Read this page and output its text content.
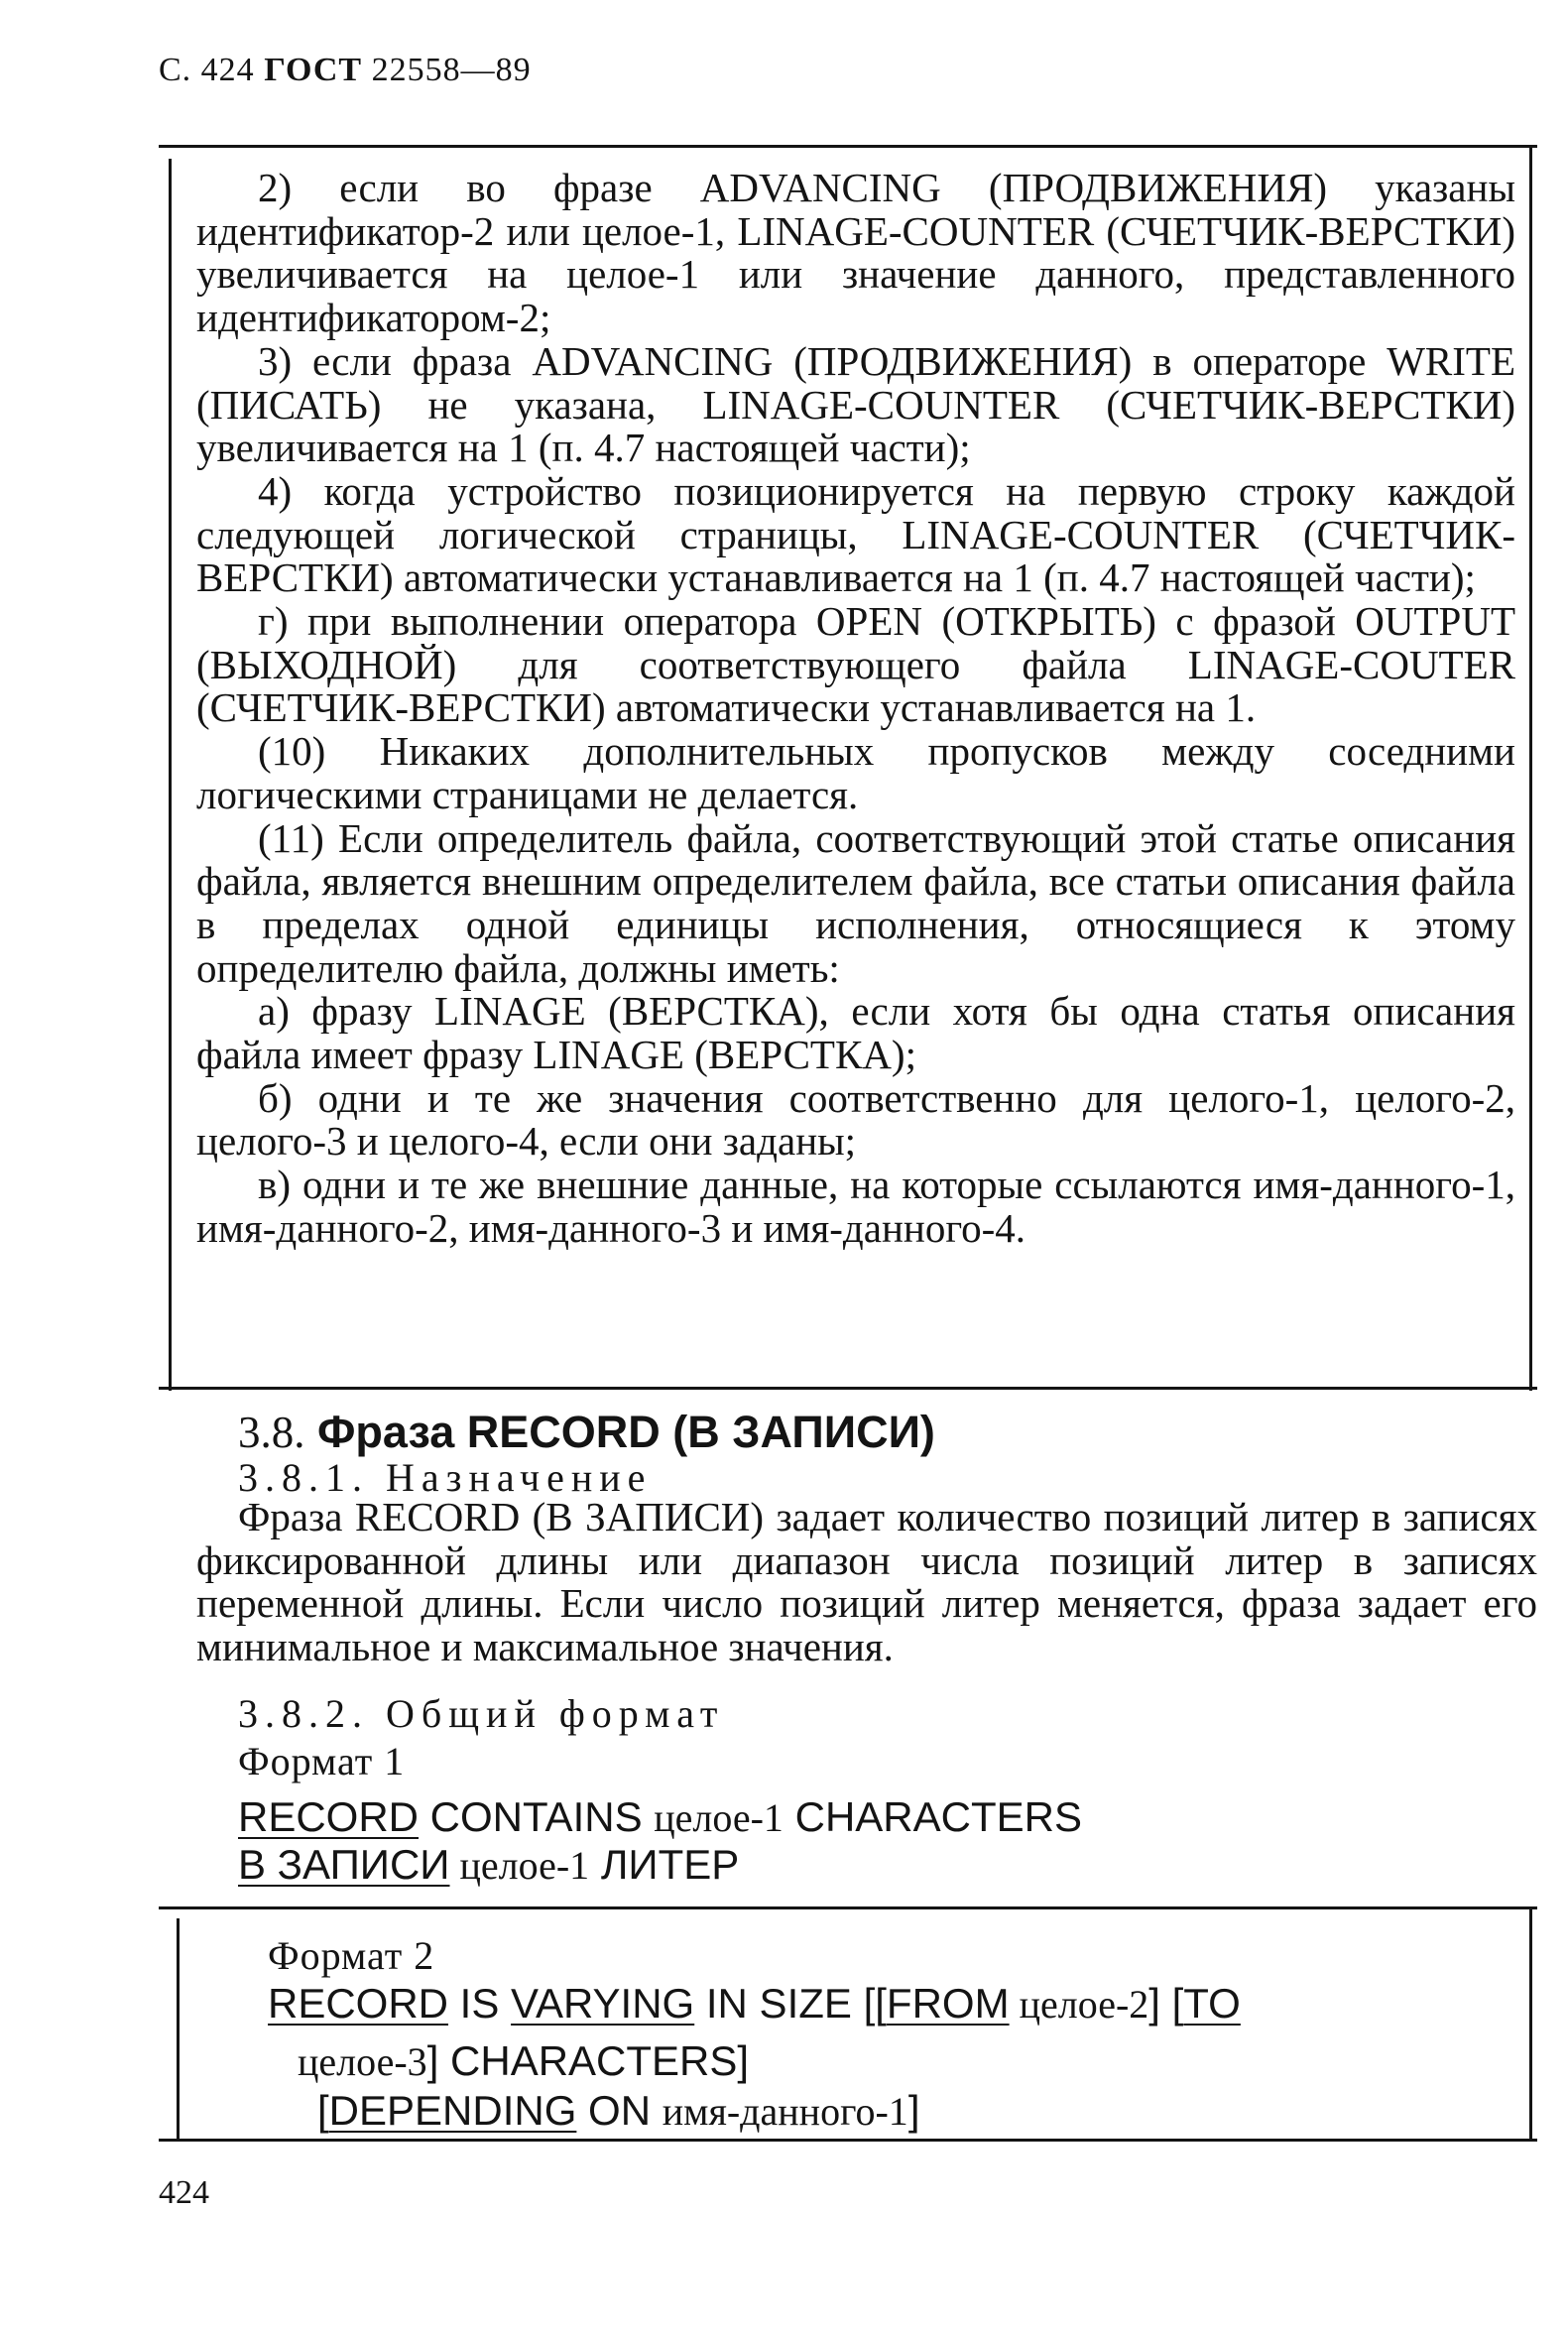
С. 424 ГОСТ 22558—89

2) если во фразе ADVANCING (ПРОДВИЖЕНИЯ) указаны идентификатор-2 или целое-1, LINAGE-COUNTER (СЧЕТЧИК-ВЕРСТКИ) увеличивается на целое-1 или значение данного, представленного идентификатором-2;

3) если фраза ADVANCING (ПРОДВИЖЕНИЯ) в операторе WRITE (ПИСАТЬ) не указана, LINAGE-COUNTER (СЧЕТЧИК-ВЕРСТКИ) увеличивается на 1 (п. 4.7 настоящей части);

4) когда устройство позиционируется на первую строку каждой следующей логической страницы, LINAGE-COUNTER (СЧЕТЧИК-ВЕРСТКИ) автоматически устанавливается на 1 (п. 4.7 настоящей части);

г) при выполнении оператора OPEN (ОТКРЫТЬ) с фразой OUTPUT (ВЫХОДНОЙ) для соответствующего файла LINAGE-COUTER (СЧЕТЧИК-ВЕРСТКИ) автоматически устанавливается на 1.

(10) Никаких дополнительных пропусков между соседними логическими страницами не делается.

(11) Если определитель файла, соответствующий этой статье описания файла, является внешним определителем файла, все статьи описания файла в пределах одной единицы исполнения, относящиеся к этому определителю файла, должны иметь:

а) фразу LINAGE (ВЕРСТКА), если хотя бы одна статья описания файла имеет фразу LINAGE (ВЕРСТКА);

б) одни и те же значения соответственно для целого-1, целого-2, целого-3 и целого-4, если они заданы;

в) одни и те же внешние данные, на которые ссылаются имя-данного-1, имя-данного-2, имя-данного-3 и имя-данного-4.

3.8. Фраза RECORD (В ЗАПИСИ)
3.8.1. Назначение
Фраза RECORD (В ЗАПИСИ) задает количество позиций литер в записях фиксированной длины или диапазон числа позиций литер в записях переменной длины. Если число позиций литер меняется, фраза задает его минимальное и максимальное значения.
3.8.2. Общий формат
Формат 1
RECORD CONTAINS целое-1 CHARACTERS
В ЗАПИСИ целое-1 ЛИТЕР
Формат 2
RECORD IS VARYING IN SIZE [[FROM целое-2] [TO
целое-3] CHARACTERS]
[DEPENDING ON имя-данного-1]
424
